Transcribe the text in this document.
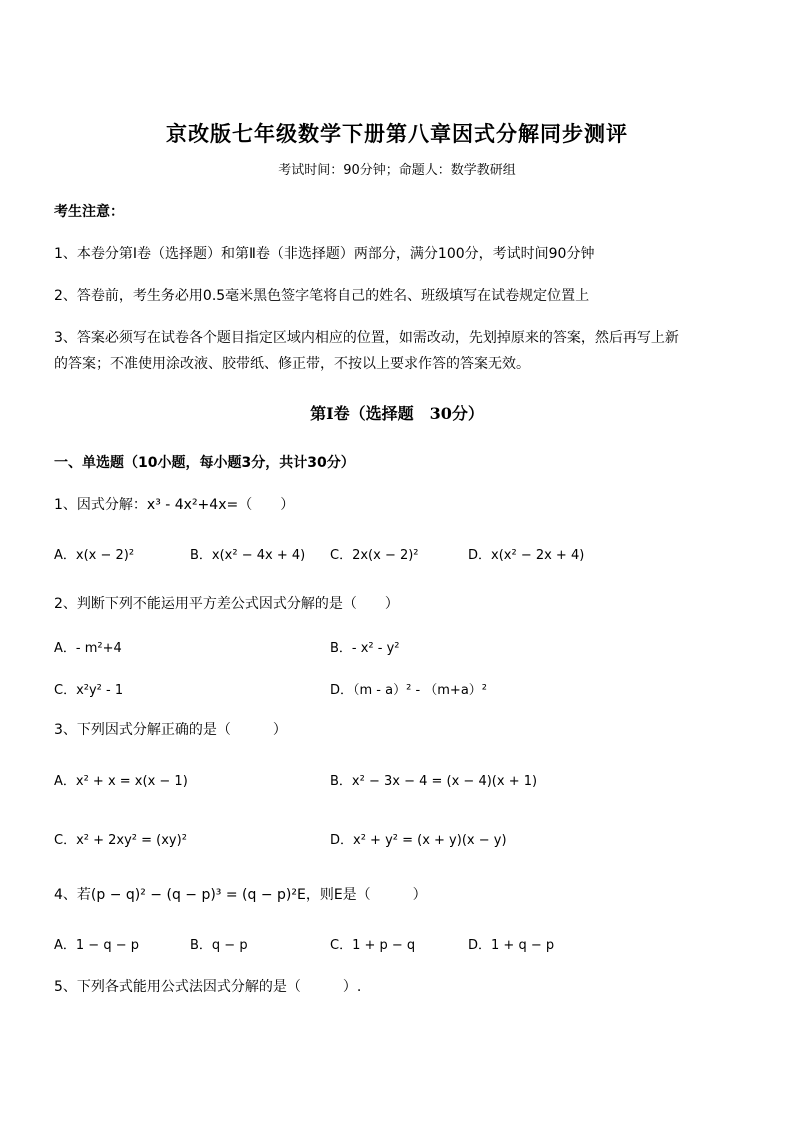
京改版七年级数学下册第八章因式分解同步测评
考试时间：90分钟；命题人：数学教研组
考生注意：
1、本卷分第Ⅰ卷（选择题）和第Ⅱ卷（非选择题）两部分，满分100分，考试时间90分钟
2、答卷前，考生务必用0.5毫米黑色签字笔将自己的姓名、班级填写在试卷规定位置上
3、答案必须写在试卷各个题目指定区域内相应的位置，如需改动，先划掉原来的答案，然后再写上新
的答案；不准使用涂改液、胶带纸、修正带，不按以上要求作答的答案无效。
第Ⅰ卷（选择题　30分）
一、单选题（10小题，每小题3分，共计30分）
1、因式分解：x³ - 4x²+4x=（　　）
A．x(x − 2)²	B．x(x² − 4x + 4) C．2x(x − 2)²	D．x(x² − 2x + 4)
2、判断下列不能运用平方差公式因式分解的是（　　）
A．- m²+4	B．- x² - y²
C．x²y² - 1	D．（m - a）² - （m+a）²
3、下列因式分解正确的是（　　　）
A．x² + x = x(x − 1)	B．x² − 3x − 4 = (x − 4)(x + 1)
C．x² + 2xy² = (xy)²	D．x² + y² = (x + y)(x − y)
4、若(p − q)² − (q − p)³ = (q − p)²E，则E是（　　　）
A．1 − q − p	B．q − p	C．1 + p − q	D．1 + q − p
5、下列各式能用公式法因式分解的是（　　　）.
